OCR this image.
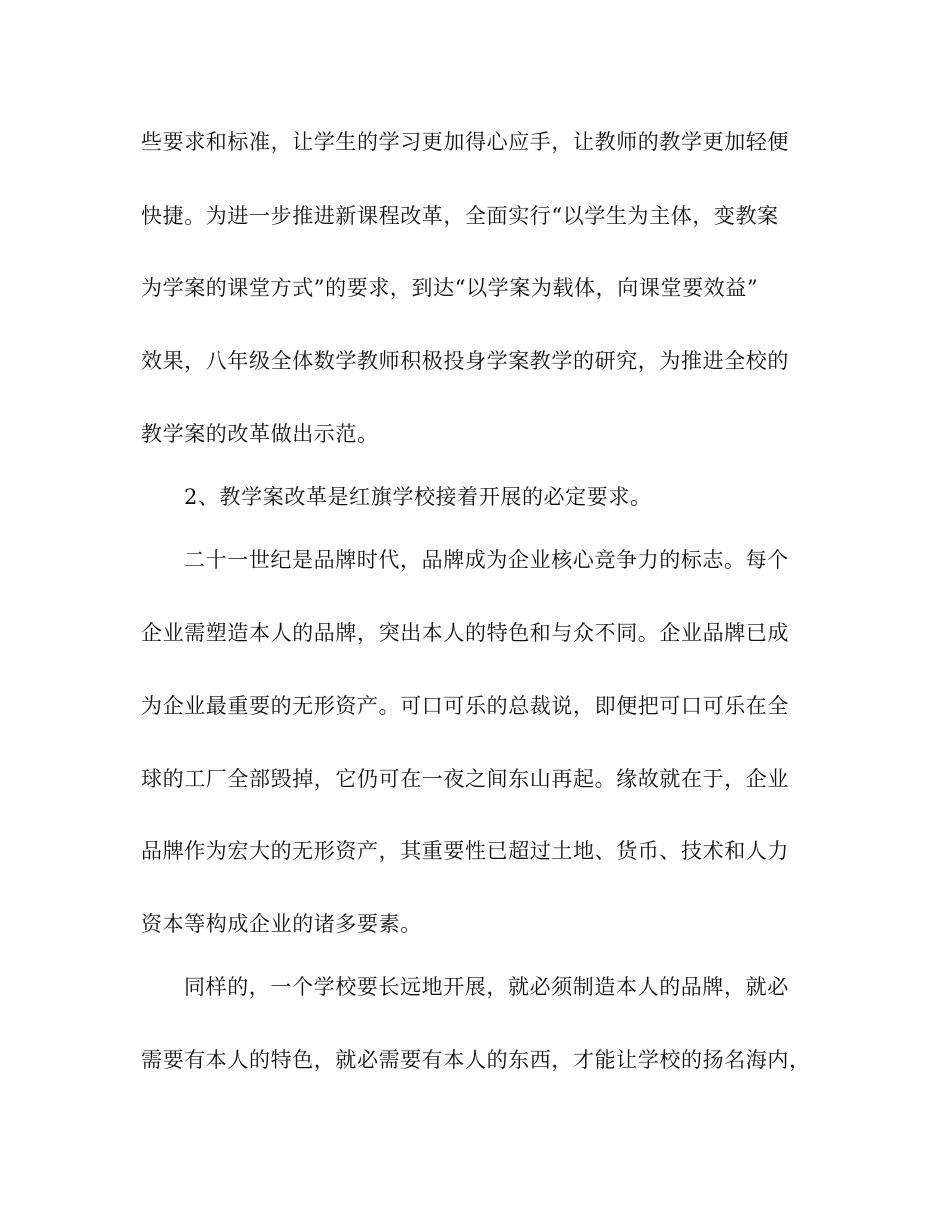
些要求和标准，让学生的学习更加得心应手，让教师的教学更加轻便
快捷。为进一步推进新课程改革，全面实行“以学生为主体，变教案
为学案的课堂方式”的要求，到达“以学案为载体，向课堂要效益”
效果，八年级全体数学教师积极投身学案教学的研究，为推进全校的
教学案的改革做出示范。
2、教学案改革是红旗学校接着开展的必定要求。
二十一世纪是品牌时代，品牌成为企业核心竞争力的标志。每个
企业需塑造本人的品牌，突出本人的特色和与众不同。企业品牌已成
为企业最重要的无形资产。可口可乐的总裁说，即便把可口可乐在全
球的工厂全部毁掉，它仍可在一夜之间东山再起。缘故就在于，企业
品牌作为宏大的无形资产，其重要性已超过土地、货币、技术和人力
资本等构成企业的诸多要素。
同样的，一个学校要长远地开展，就必须制造本人的品牌，就必
需要有本人的特色，就必需要有本人的东西，才能让学校的扬名海内，
